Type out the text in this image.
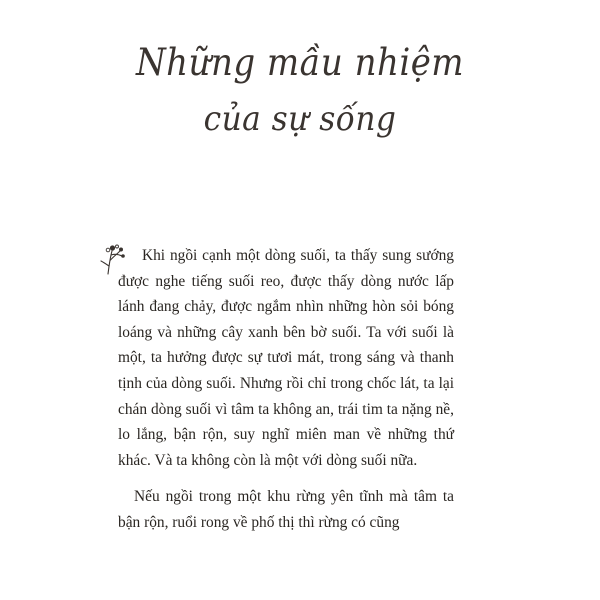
Những mầu nhiệm
của sự sống

Khi ngồi cạnh một dòng suối, ta thấy sung sướng được nghe tiếng suối reo, được thấy dòng nước lấp lánh đang chảy, được ngắm nhìn những hòn sỏi bóng loáng và những cây xanh bên bờ suối. Ta với suối là một, ta hưởng được sự tươi mát, trong sáng và thanh tịnh của dòng suối. Nhưng rồi chỉ trong chốc lát, ta lại chán dòng suối vì tâm ta không an, trái tim ta nặng nề, lo lắng, bận rộn, suy nghĩ miên man về những thứ khác. Và ta không còn là một với dòng suối nữa.

Nếu ngồi trong một khu rừng yên tĩnh mà tâm ta bận rộn, ruổi rong về phố thị thì rừng có cũng
